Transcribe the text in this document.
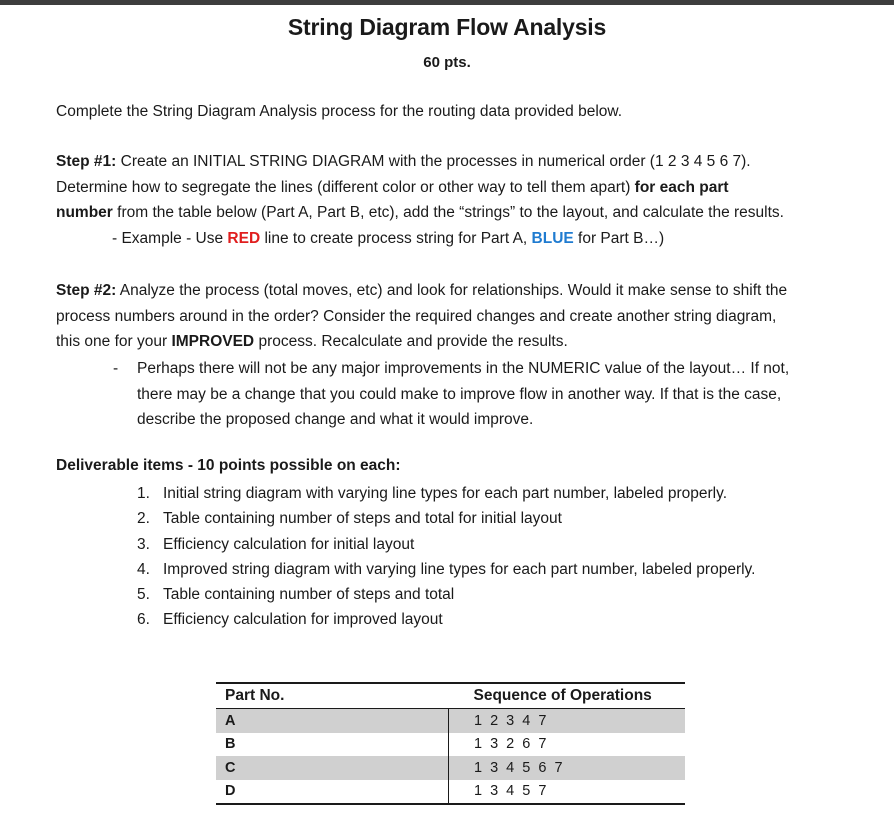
String Diagram Flow Analysis
60 pts.
Complete the String Diagram Analysis process for the routing data provided below.
Step #1: Create an INITIAL STRING DIAGRAM with the processes in numerical order (1 2 3 4 5 6 7).
Determine how to segregate the lines (different color or other way to tell them apart) for each part
number from the table below (Part A, Part B, etc), add the “strings” to the layout, and calculate the results.
- Example - Use RED line to create process string for Part A, BLUE for Part B…)
Step #2: Analyze the process (total moves, etc) and look for relationships. Would it make sense to shift the
process numbers around in the order? Consider the required changes and create another string diagram,
this one for your IMPROVED process. Recalculate and provide the results.
-	Perhaps there will not be any major improvements in the NUMERIC value of the layout… If not,
there may be a change that you could make to improve flow in another way. If that is the case,
describe the proposed change and what it would improve.
Deliverable items - 10 points possible on each:
1. Initial string diagram with varying line types for each part number, labeled properly.
2. Table containing number of steps and total for initial layout
3. Efficiency calculation for initial layout
4. Improved string diagram with varying line types for each part number, labeled properly.
5. Table containing number of steps and total
6. Efficiency calculation for improved layout
Part No.	Sequence of Operations
A	1 2 3 4 7
B	1 3 2 6 7
C	1 3 4 5 6 7
D	1 3 4 5 7
